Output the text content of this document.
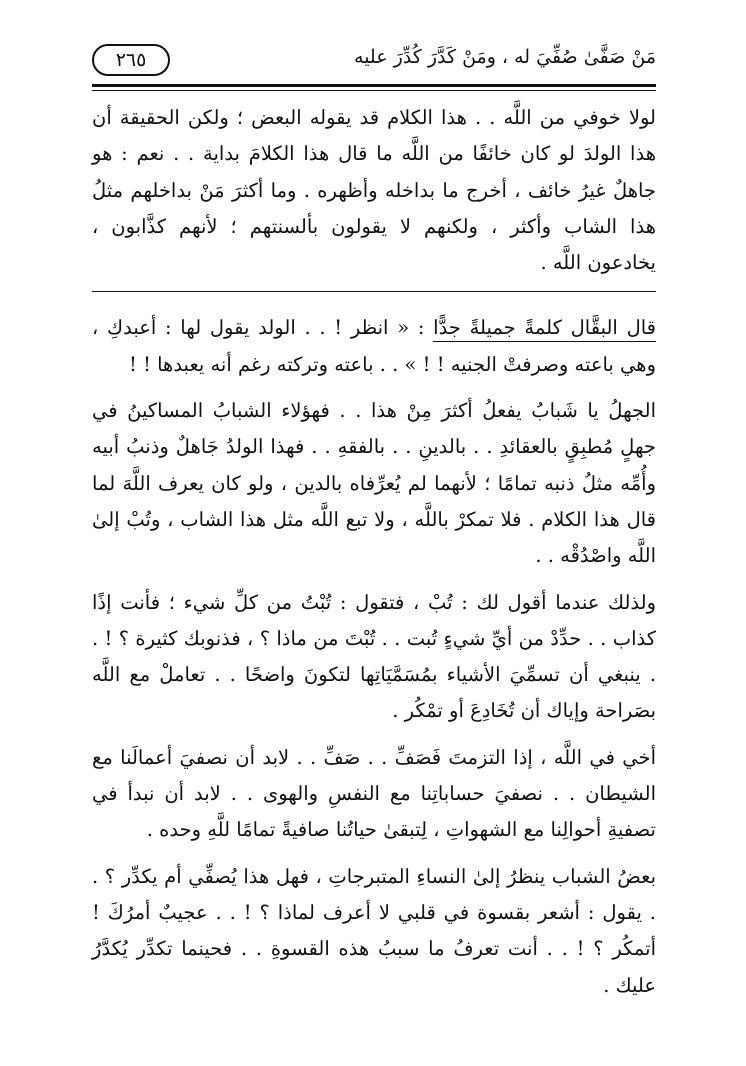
مَنْ صَفَّىٰ صُفِّيَ له ، ومَنْ كَدَّرَ كُدِّرَ عليه
٢٦٥

لولا خوفي من اللَّه . . هذا الكلام قد يقوله البعض ؛ ولكن الحقيقة أن هذا الولدَ لو كان خائفًا من اللَّه ما قال هذا الكلامَ بداية . . نعم : هو جاهلٌ غيرُ خائف ، أخرج ما بداخله وأظهره . وما أكثرَ مَنْ بداخلهم مثلُ هذا الشاب وأكثر ، ولكنهم لا يقولون بألسنتهم ؛ لأنهم كذَّابون ، يخادعون اللَّه .

قال البقَّال كلمةً جميلةً جدًّا : « انظر ! . . الولد يقول لها : أعبدكِ ، وهي باعته وصرفتْ الجنيه ! ! » . . باعته وتركته رغم أنه يعبدها ! !

الجهلُ يا شَبابُ يفعلُ أكثرَ مِنْ هذا . . فهؤلاء الشبابُ المساكينُ في جهلٍ مُطبِقٍ بالعقائدِ . . بالدينِ . . بالفقهِ . . فهذا الولدُ جَاهلٌ وذنبُ أبيه وأُمِّه مثلُ ذنبه تمامًا ؛ لأنهما لم يُعرِّفاه بالدين ، ولو كان يعرف اللَّهَ لما قال هذا الكلام . فلا تمكرْ باللَّه ، ولا تبع اللَّه مثل هذا الشاب ، وتُبْ إلىٰ اللَّه واصْدُقْه . .

ولذلك عندما أقول لك : تُبْ ، فتقول : تُبْتُ من كلِّ شيء ؛ فأنت إذًا كذاب . . حدِّدْ من أيِّ شيءٍ تُبت . . تُبْتَ من ماذا ؟ ، فذنوبك كثيرة ؟ ! . . ينبغي أن تسمِّيَ الأشياء بمُسَمَّيَاتِها لتكونَ واضحًا . . تعاملْ مع اللَّه بصَراحة وإياك أن تُخَادِعَ أو تمْكُر .

أخي في اللَّه ، إذا التزمتَ فَصَفِّ . . صَفِّ . . لابد أن نصفيَ أعمالَنا مع الشيطان . . نصفيَ حساباتِنا مع النفسِ والهوى . . لابد أن نبدأ في تصفيةِ أحوالِنا مع الشهواتِ ، لِتبقىٰ حياتُنا صافيةً تمامًا للَّهِ وحده .

بعضُ الشباب ينظرُ إلىٰ النساءِ المتبرجاتِ ، فهل هذا يُصفِّي أم يكدِّر ؟ . . يقول : أشعر بقسوة في قلبي لا أعرف لماذا ؟ ! . . عجيبٌ أمرُكَ ! أتمكُر ؟ ! . . أنت تعرفُ ما سببُ هذه القسوةِ . . فحينما تكدِّر يُكدَّرُ عليك .
